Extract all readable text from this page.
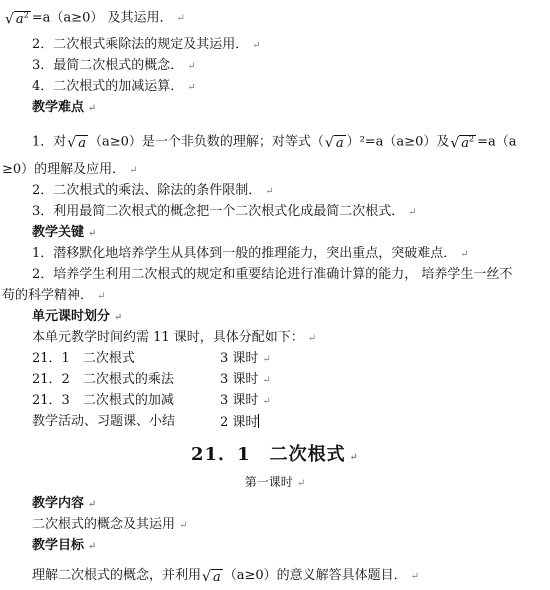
√ $a^2 =a(a\ge 0)$ 及其运用． ↵
2．二次根式乘除法的规定及其运用． ↵
3．最简二次根式的概念． ↵
4．二次根式的加减运算． ↵
教学难点 ↵
1．对√ a （a≥0）是一个非负数的理解；对等式（√ a ）²=a（a≥0）及√ $a^2 =a(a$
≥0）的理解及应用． ↵
2．二次根式的乘法、除法的条件限制． ↵
3．利用最简二次根式的概念把一个二次根式化成最简二次根式． ↵
教学关键 ↵
1．潜移默化地培养学生从具体到一般的推理能力，突出重点，突破难点． ↵
2．培养学生利用二次根式的规定和重要结论进行准确计算的能力， 培养学生一丝不
苟的科学精神． ↵
单元课时划分 ↵
本单元教学时间约需 11 课时，具体分配如下： ↵
21．1　二次根式	3 课时 ↵
21．2　二次根式的乘法	3 课时 ↵
21．3　二次根式的加减	3 课时 ↵
教学活动、习题课、小结	2 课时
21．1　二次根式 ↵
第一课时 ↵
教学内容 ↵
二次根式的概念及其运用 ↵
教学目标 ↵
理解二次根式的概念，并利用√ a （a≥0）的意义解答具体题目． ↵
